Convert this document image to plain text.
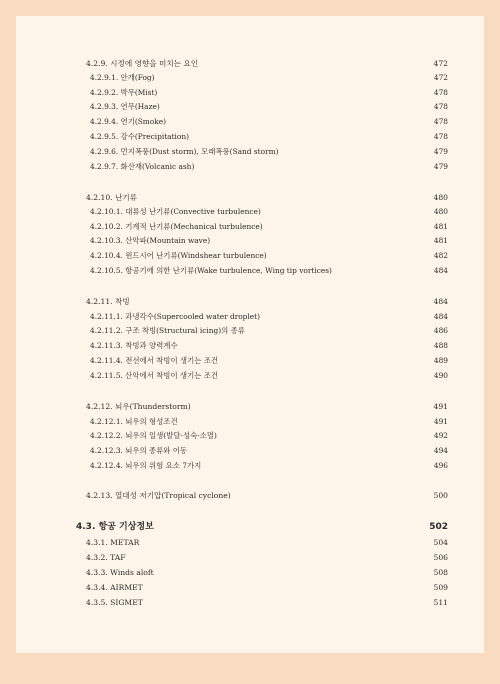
4.2.9. 시정에 영향을 미치는 요인	472
4.2.9.1. 안개(Fog)	472
4.2.9.2. 박무(Mist)	478
4.2.9.3. 연무(Haze)	478
4.2.9.4. 연기(Smoke)	478
4.2.9.5. 강수(Precipitation)	478
4.2.9.6. 먼지폭풍(Dust storm), 모래폭풍(Sand storm)	479
4.2.9.7. 화산재(Volcanic ash)	479
4.2.10. 난기류	480
4.2.10.1. 대류성 난기류(Convective turbulence)	480
4.2.10.2. 기계적 난기류(Mechanical turbulence)	481
4.2.10.3. 산악파(Mountain wave)	481
4.2.10.4. 윈드시어 난기류(Windshear turbulence)	482
4.2.10.5. 항공기에 의한 난기류(Wake turbulence, Wing tip vortices)	484
4.2.11. 착빙	484
4.2.11.1. 과냉각수(Supercooled water droplet)	484
4.2.11.2. 구조 착빙(Structural icing)의 종류	486
4.2.11.3. 착빙과 양력계수	488
4.2.11.4. 전선에서 착빙이 생기는 조건	489
4.2.11.5. 산악에서 착빙이 생기는 조건	490
4.2.12. 뇌우(Thunderstorm)	491
4.2.12.1. 뇌우의 형성조건	491
4.2.12.2. 뇌우의 일생(발달-성숙-소멸)	492
4.2.12.3. 뇌우의 종류와 이동	494
4.2.12.4. 뇌우의 위험 요소 7가지	496
4.2.13. 열대성 저기압(Tropical cyclone)	500
4.3. 항공 기상정보	502
4.3.1. METAR	504
4.3.2. TAF	506
4.3.3. Winds aloft	508
4.3.4. AIRMET	509
4.3.5. SIGMET	511
